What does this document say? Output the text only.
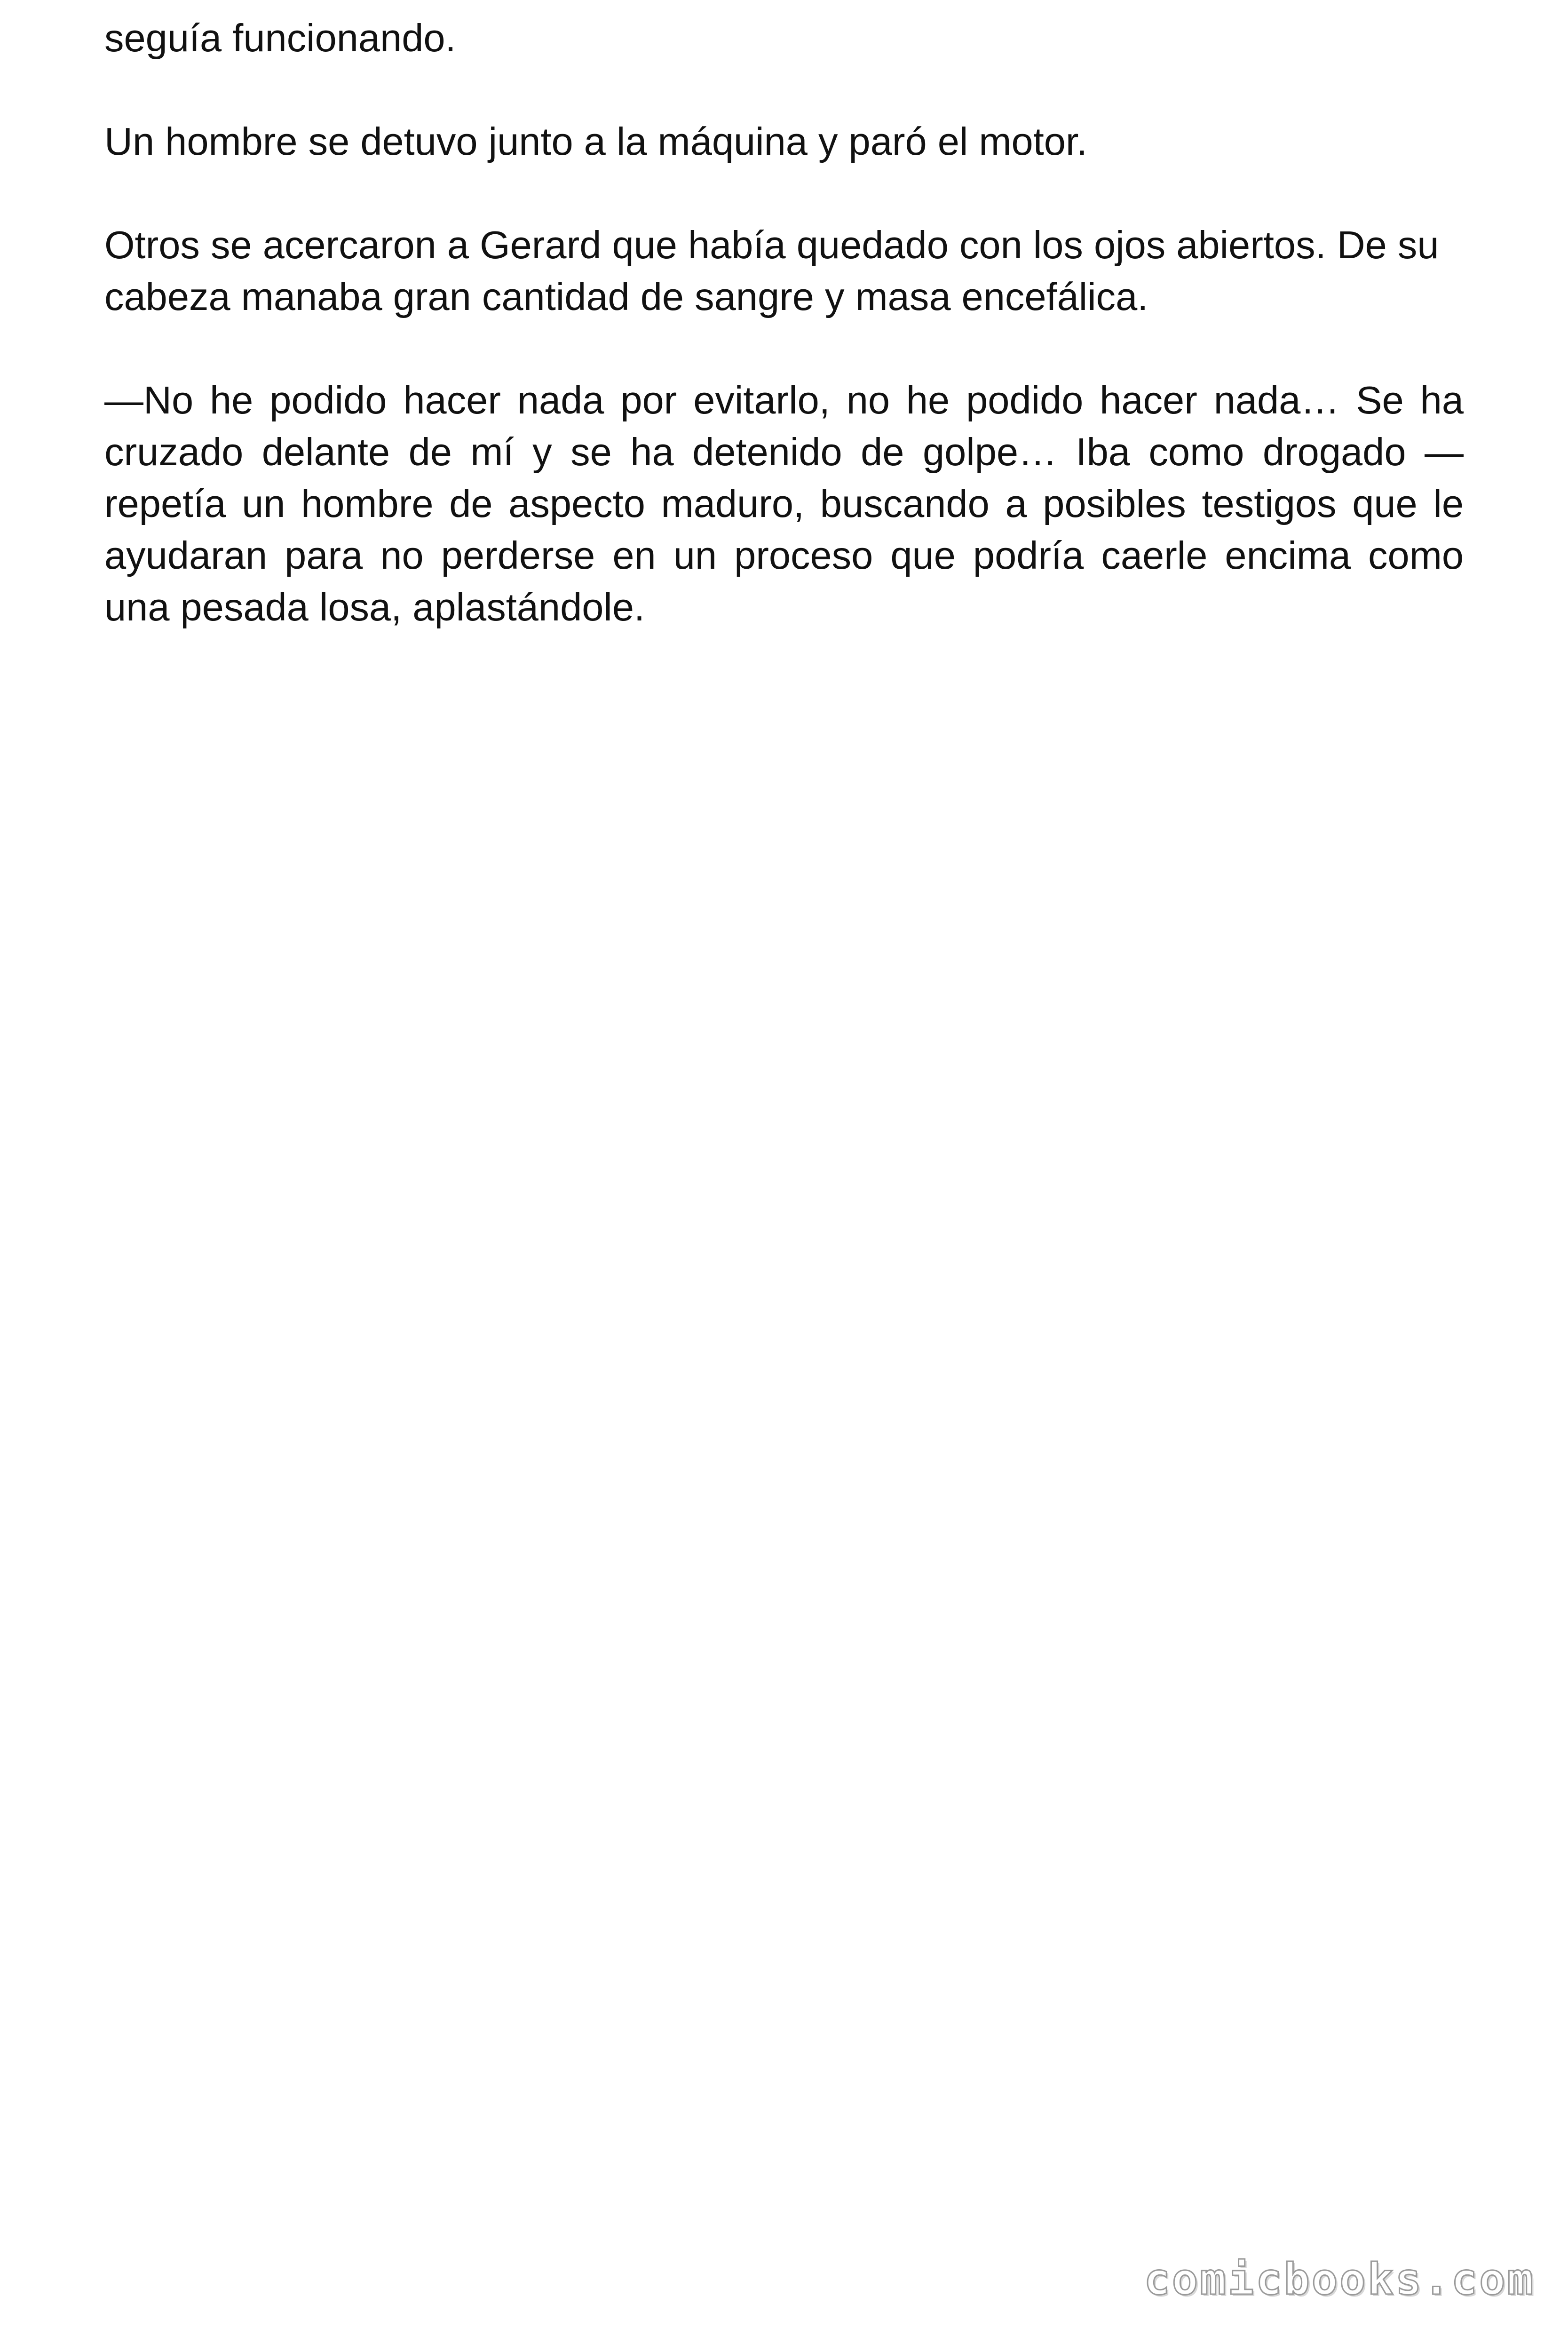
seguía funcionando.

Un hombre se detuvo junto a la máquina y paró el motor.

Otros se acercaron a Gerard que había quedado con los ojos abiertos. De su cabeza manaba gran cantidad de sangre y masa encefálica.

—No he podido hacer nada por evitarlo, no he podido hacer nada… Se ha cruzado delante de mí y se ha detenido de golpe… Iba como drogado —repetía un hombre de aspecto maduro, buscando a posibles testigos que le ayudaran para no perderse en un proceso que podría caerle encima como una pesada losa, aplastándole.

comicbooks.com
